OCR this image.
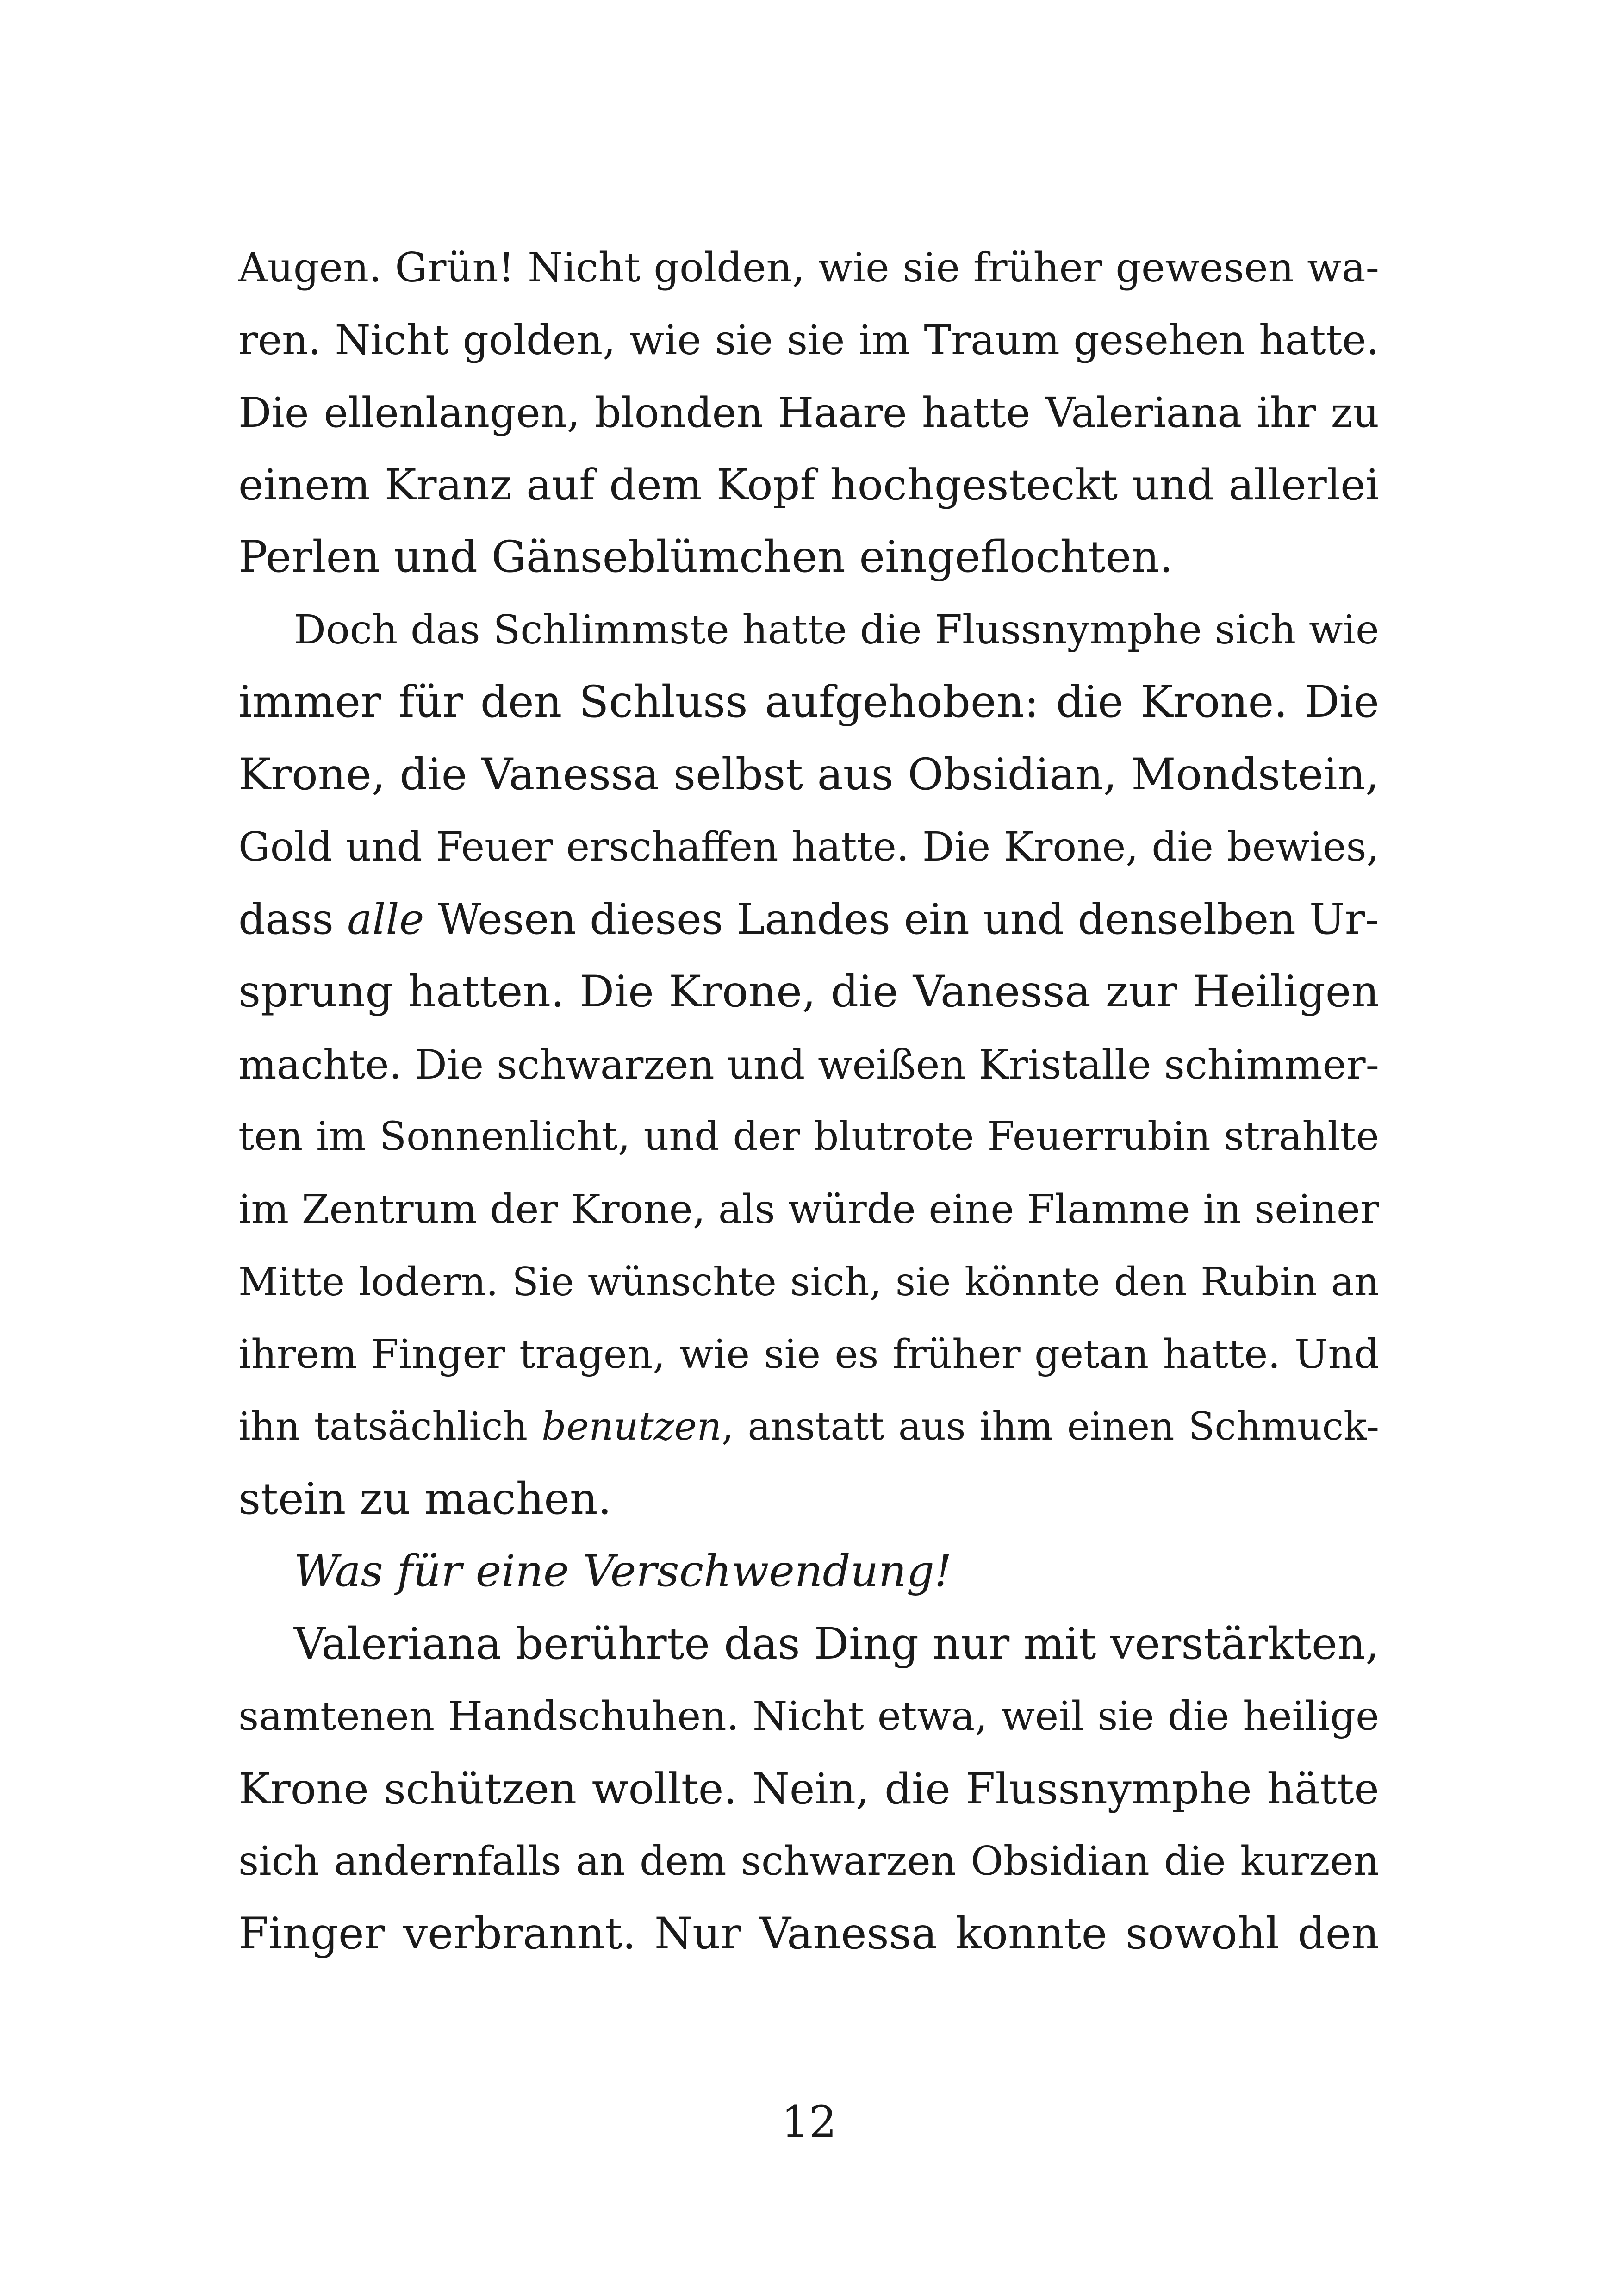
Augen. Grün! Nicht golden, wie sie früher gewesen wa-
ren. Nicht golden, wie sie sie im Traum gesehen hatte.
Die ellenlangen, blonden Haare hatte Valeriana ihr zu
einem Kranz auf dem Kopf hochgesteckt und allerlei
Perlen und Gänseblümchen eingeflochten.
Doch das Schlimmste hatte die Flussnymphe sich wie
immer für den Schluss aufgehoben: die Krone. Die
Krone, die Vanessa selbst aus Obsidian, Mondstein,
Gold und Feuer erschaffen hatte. Die Krone, die bewies,
dass alle Wesen dieses Landes ein und denselben Ur-
sprung hatten. Die Krone, die Vanessa zur Heiligen
machte. Die schwarzen und weißen Kristalle schimmer-
ten im Sonnenlicht, und der blutrote Feuerrubin strahlte
im Zentrum der Krone, als würde eine Flamme in seiner
Mitte lodern. Sie wünschte sich, sie könnte den Rubin an
ihrem Finger tragen, wie sie es früher getan hatte. Und
ihn tatsächlich benutzen, anstatt aus ihm einen Schmuck-
stein zu machen.
Was für eine Verschwendung!
Valeriana berührte das Ding nur mit verstärkten,
samtenen Handschuhen. Nicht etwa, weil sie die heilige
Krone schützen wollte. Nein, die Flussnymphe hätte
sich andernfalls an dem schwarzen Obsidian die kurzen
Finger verbrannt. Nur Vanessa konnte sowohl den
12
